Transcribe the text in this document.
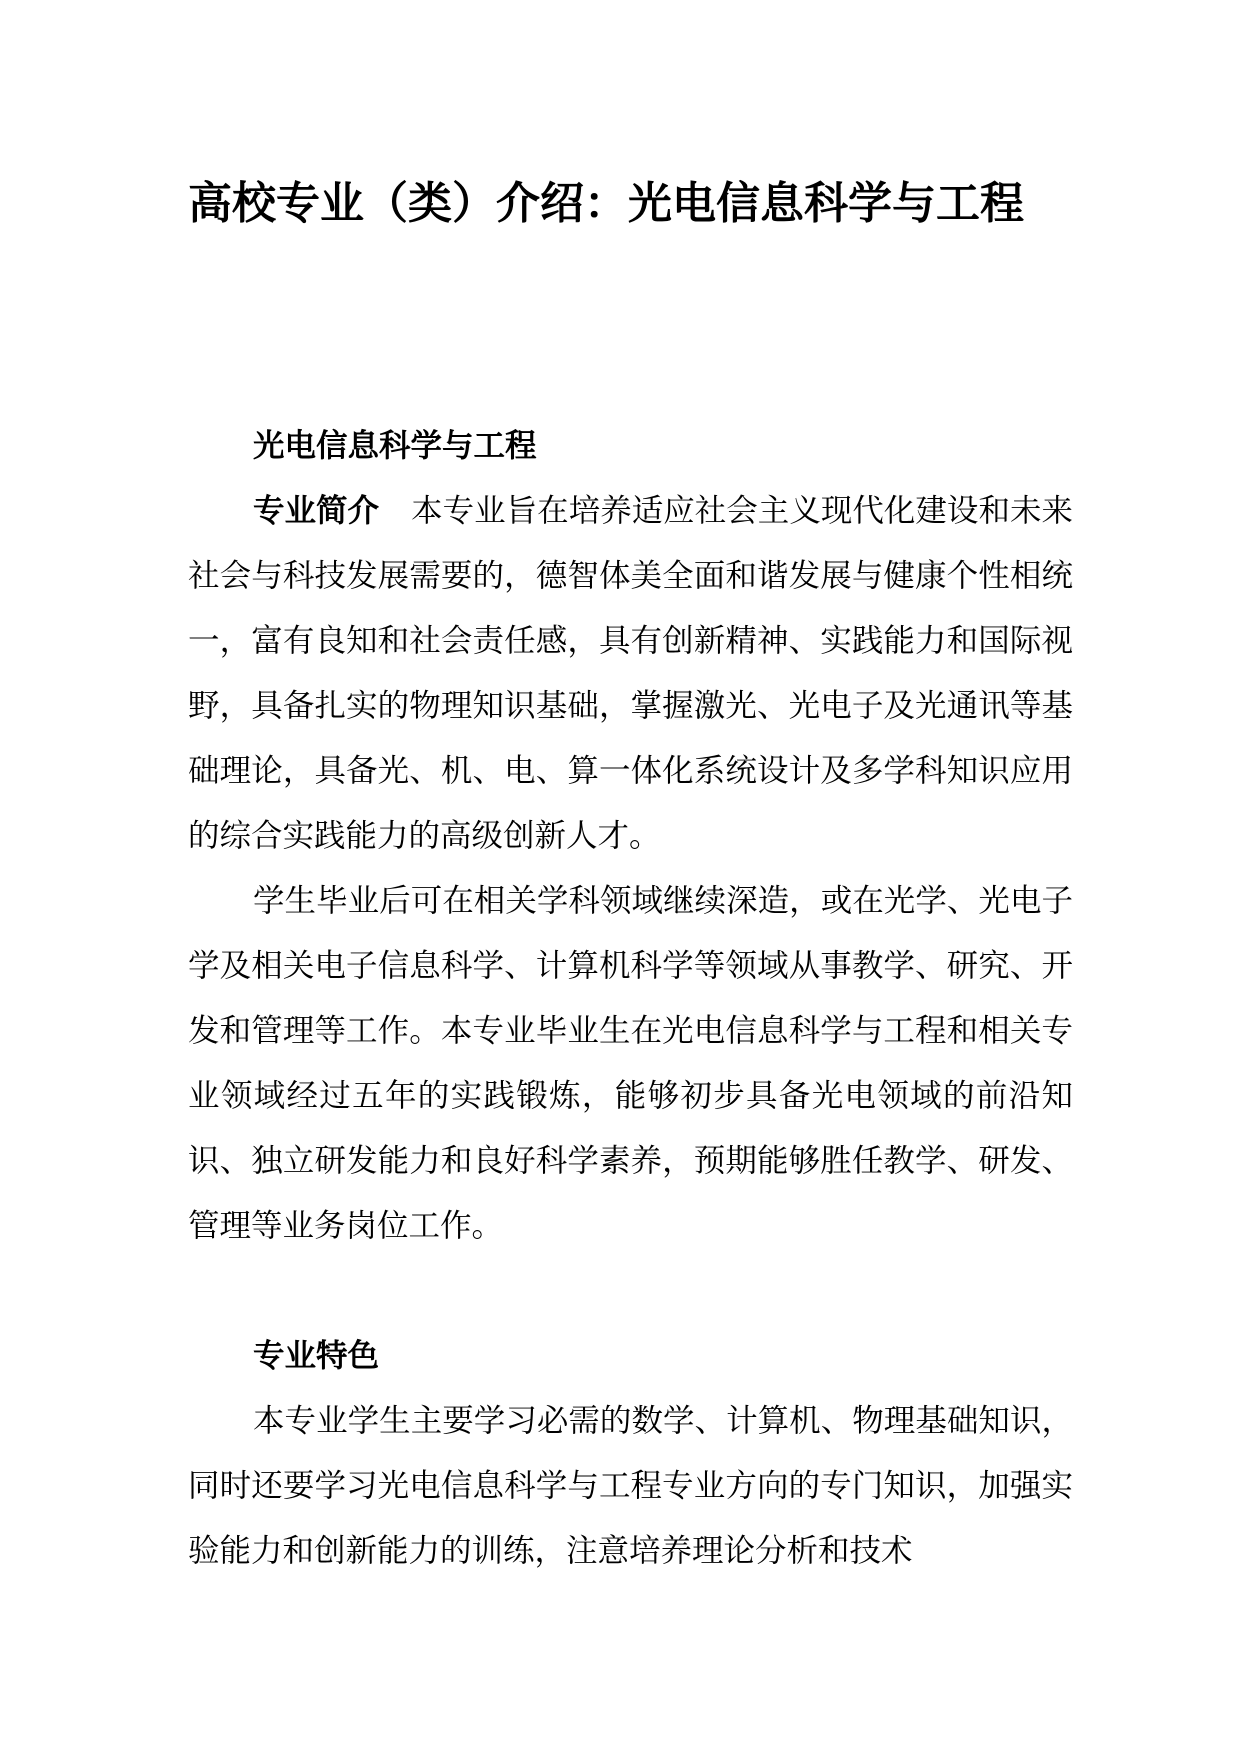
高校专业（类）介绍：光电信息科学与工程

光电信息科学与工程

专业简介 本专业旨在培养适应社会主义现代化建设和未来社会与科技发展需要的，德智体美全面和谐发展与健康个性相统一，富有良知和社会责任感，具有创新精神、实践能力和国际视野，具备扎实的物理知识基础，掌握激光、光电子及光通讯等基础理论，具备光、机、电、算一体化系统设计及多学科知识应用的综合实践能力的高级创新人才。

学生毕业后可在相关学科领域继续深造，或在光学、光电子学及相关电子信息科学、计算机科学等领域从事教学、研究、开发和管理等工作。本专业毕业生在光电信息科学与工程和相关专业领域经过五年的实践锻炼，能够初步具备光电领域的前沿知识、独立研发能力和良好科学素养，预期能够胜任教学、研发、管理等业务岗位工作。

专业特色

本专业学生主要学习必需的数学、计算机、物理基础知识，同时还要学习光电信息科学与工程专业方向的专门知识，加强实验能力和创新能力的训练，注意培养理论分析和技术
